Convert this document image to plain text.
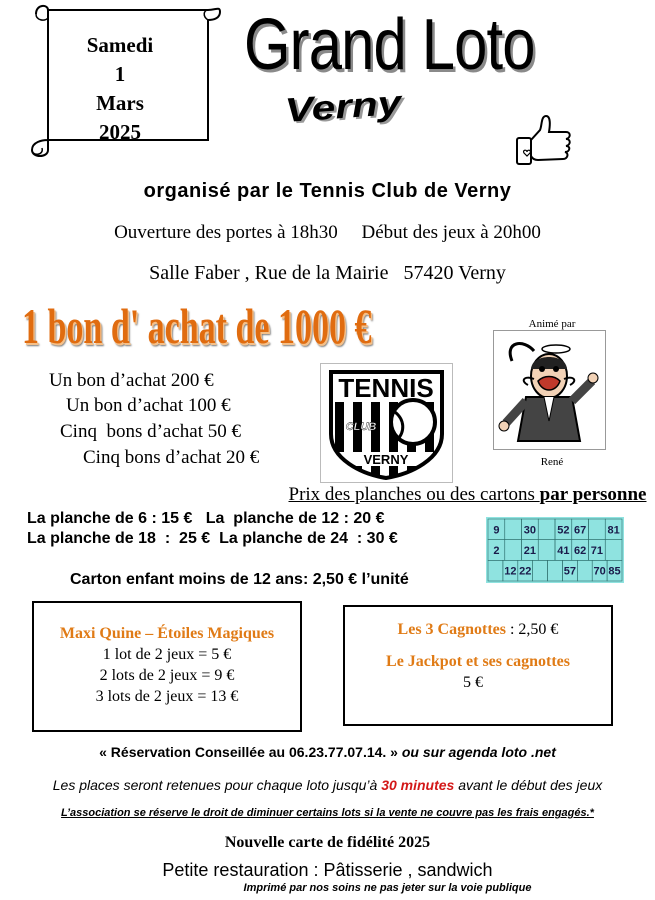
Samedi
1
Mars
2025
Grand Loto
Verny
organisé par le Tennis Club de Verny
Ouverture des portes à 18h30     Début des jeux à 20h00
Salle Faber , Rue de la Mairie   57420 Verny
1 bon d' achat de 1000 €
Un bon d’achat 200 €
Un bon d’achat 100 €
Cinq  bons d’achat 50 €
Cinq bons d’achat 20 €
TENNIS
CLUB
VERNY
Animé par
René
Prix des planches ou des cartons par personne
La planche de 6 : 15 €   La  planche de 12 : 20 €
La planche de 18  :  25 €  La planche de 24  : 30 €	9 30 52 67 81
2 21 41 62 71
12 22	57 70 85
Carton enfant moins de 12 ans: 2,50 € l’unité
Maxi Quine – Étoiles Magiques
1 lot de 2 jeux = 5 €
2 lots de 2 jeux = 9 €
3 lots de 2 jeux = 13 €
Les 3 Cagnottes : 2,50 €
Le Jackpot et ses cagnottes
5 €
« Réservation Conseillée au 06.23.77.07.14. » ou sur agenda loto .net
Les places seront retenues pour chaque loto jusqu’à 30 minutes avant le début des jeux
L’association se réserve le droit de diminuer certains lots si la vente ne couvre pas les frais engagés.*
Nouvelle carte de fidélité 2025
Petite restauration : Pâtisserie , sandwich
Imprimé par nos soins ne pas jeter sur la voie publique
